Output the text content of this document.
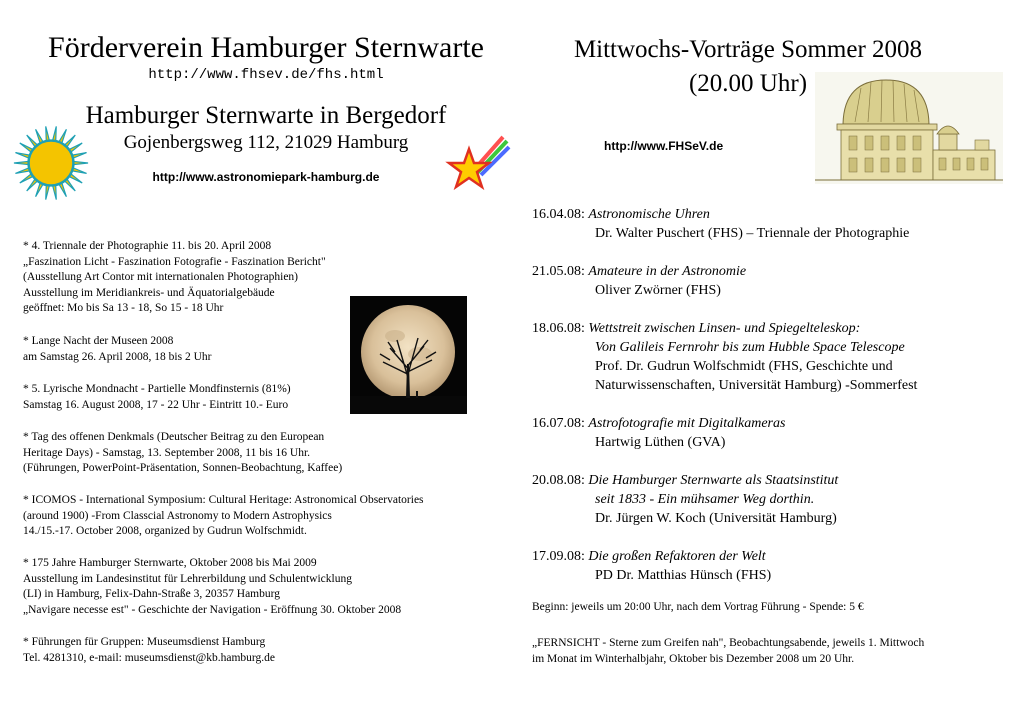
Förderverein Hamburger Sternwarte
http://www.fhsev.de/fhs.html
Hamburger Sternwarte in Bergedorf
Gojenbergsweg 112, 21029 Hamburg
http://www.astronomiepark-hamburg.de
* 4. Triennale der Photographie 11. bis 20. April 2008
„Faszination Licht - Faszination Fotografie - Faszination Bericht"
(Ausstellung Art Contor mit internationalen Photographien)
Ausstellung im Meridiankreis- und Äquatorialgebäude
geöffnet: Mo bis Sa 13 - 18, So 15 - 18 Uhr
* Lange Nacht der Museen 2008
am Samstag 26. April 2008, 18 bis 2 Uhr
* 5. Lyrische Mondnacht - Partielle Mondfinsternis (81%)
Samstag 16. August 2008, 17 - 22 Uhr - Eintritt 10.- Euro
* Tag des offenen Denkmals (Deutscher Beitrag zu den European
Heritage Days) - Samstag, 13. September 2008, 11 bis 16 Uhr.
(Führungen, PowerPoint-Präsentation, Sonnen-Beobachtung, Kaffee)
* ICOMOS - International Symposium: Cultural Heritage: Astronomical Observatories
(around 1900) -From Classcial Astronomy to Modern Astrophysics
14./15.-17. October 2008, organized by Gudrun Wolfschmidt.
* 175 Jahre Hamburger Sternwarte, Oktober 2008 bis Mai 2009
Ausstellung im Landesinstitut für Lehrerbildung und Schulentwicklung
(LI) in Hamburg, Felix-Dahn-Straße 3, 20357 Hamburg
„Navigare necesse est" - Geschichte der Navigation - Eröffnung 30. Oktober 2008
* Führungen für Gruppen: Museumsdienst Hamburg
Tel. 4281310, e-mail: museumsdienst@kb.hamburg.de
Mittwochs-Vorträge Sommer 2008
(20.00 Uhr)
http://www.FHSeV.de
16.04.08: Astronomische Uhren
Dr. Walter Puschert (FHS) – Triennale der Photographie
21.05.08: Amateure in der Astronomie
Oliver Zwörner (FHS)
18.06.08: Wettstreit zwischen Linsen- und Spiegelteleskop:
Von Galileis Fernrohr bis zum Hubble Space Telescope
Prof. Dr. Gudrun Wolfschmidt (FHS, Geschichte und
Naturwissenschaften, Universität Hamburg) -Sommerfest
16.07.08: Astrofotografie mit Digitalkameras
Hartwig Lüthen (GVA)
20.08.08: Die Hamburger Sternwarte als Staatsinstitut
seit 1833 - Ein mühsamer Weg dorthin.
Dr. Jürgen W. Koch (Universität Hamburg)
17.09.08: Die großen Refaktoren der Welt
PD Dr. Matthias Hünsch (FHS)
Beginn: jeweils um 20:00 Uhr, nach dem Vortrag Führung - Spende: 5 €
„FERNSICHT - Sterne zum Greifen nah", Beobachtungsabende, jeweils 1. Mittwoch
im Monat im Winterhalbjahr, Oktober bis Dezember 2008 um 20 Uhr.
